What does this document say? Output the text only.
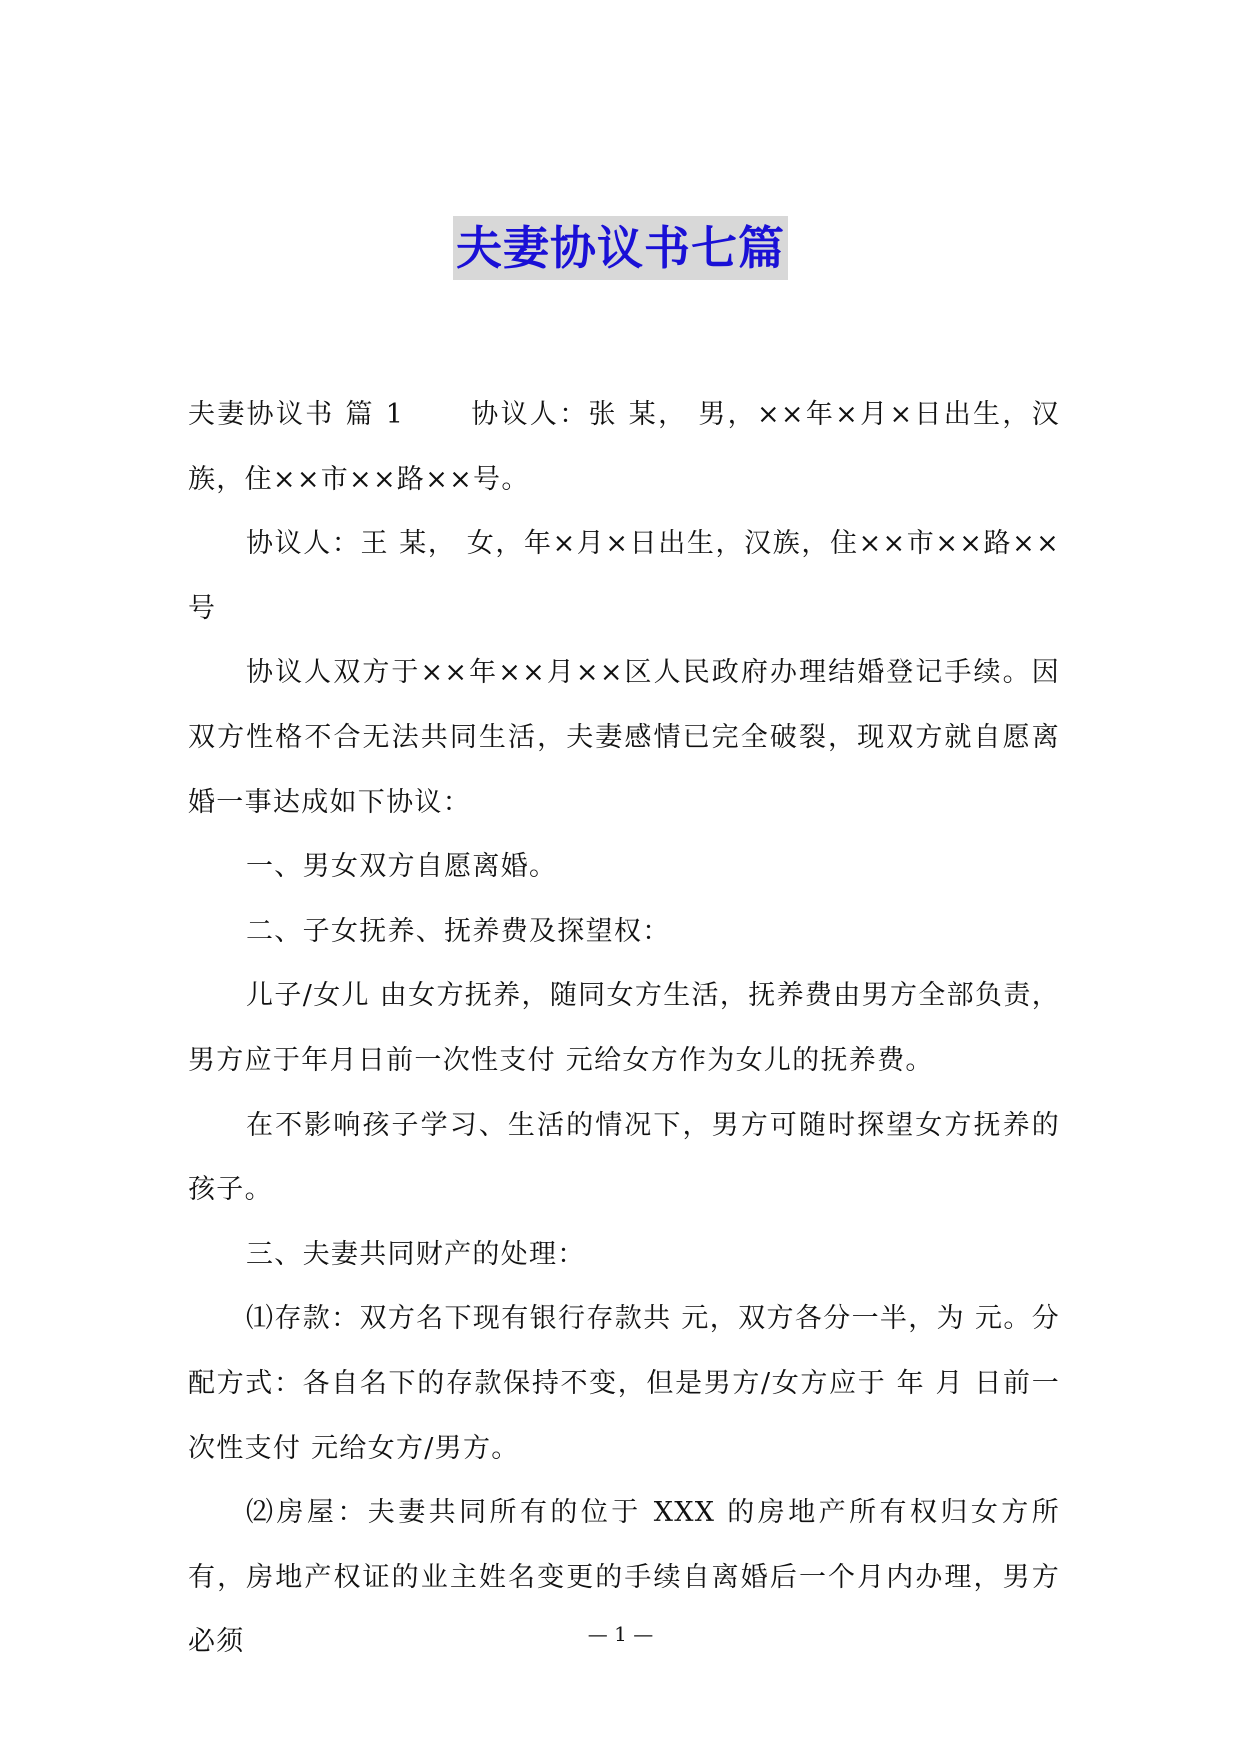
夫妻协议书七篇

夫妻协议书 篇 1 协议人：张 某， 男，××年×月×日出生，汉族，住××市××路××号。

协议人：王 某， 女，年×月×日出生，汉族，住××市××路××号

协议人双方于××年××月××区人民政府办理结婚登记手续。因双方性格不合无法共同生活，夫妻感情已完全破裂，现双方就自愿离婚一事达成如下协议：

一、男女双方自愿离婚。

二、子女抚养、抚养费及探望权：

儿子/女儿 由女方抚养，随同女方生活，抚养费由男方全部负责，男方应于年月日前一次性支付 元给女方作为女儿的抚养费。

在不影响孩子学习、生活的情况下，男方可随时探望女方抚养的孩子。

三、夫妻共同财产的处理：

⑴存款：双方名下现有银行存款共 元，双方各分一半，为 元。分配方式：各自名下的存款保持不变，但是男方/女方应于 年 月 日前一次性支付 元给女方/男方。

⑵房屋：夫妻共同所有的位于 XXX 的房地产所有权归女方所有，房地产权证的业主姓名变更的手续自离婚后一个月内办理，男方必须	— 1 —
